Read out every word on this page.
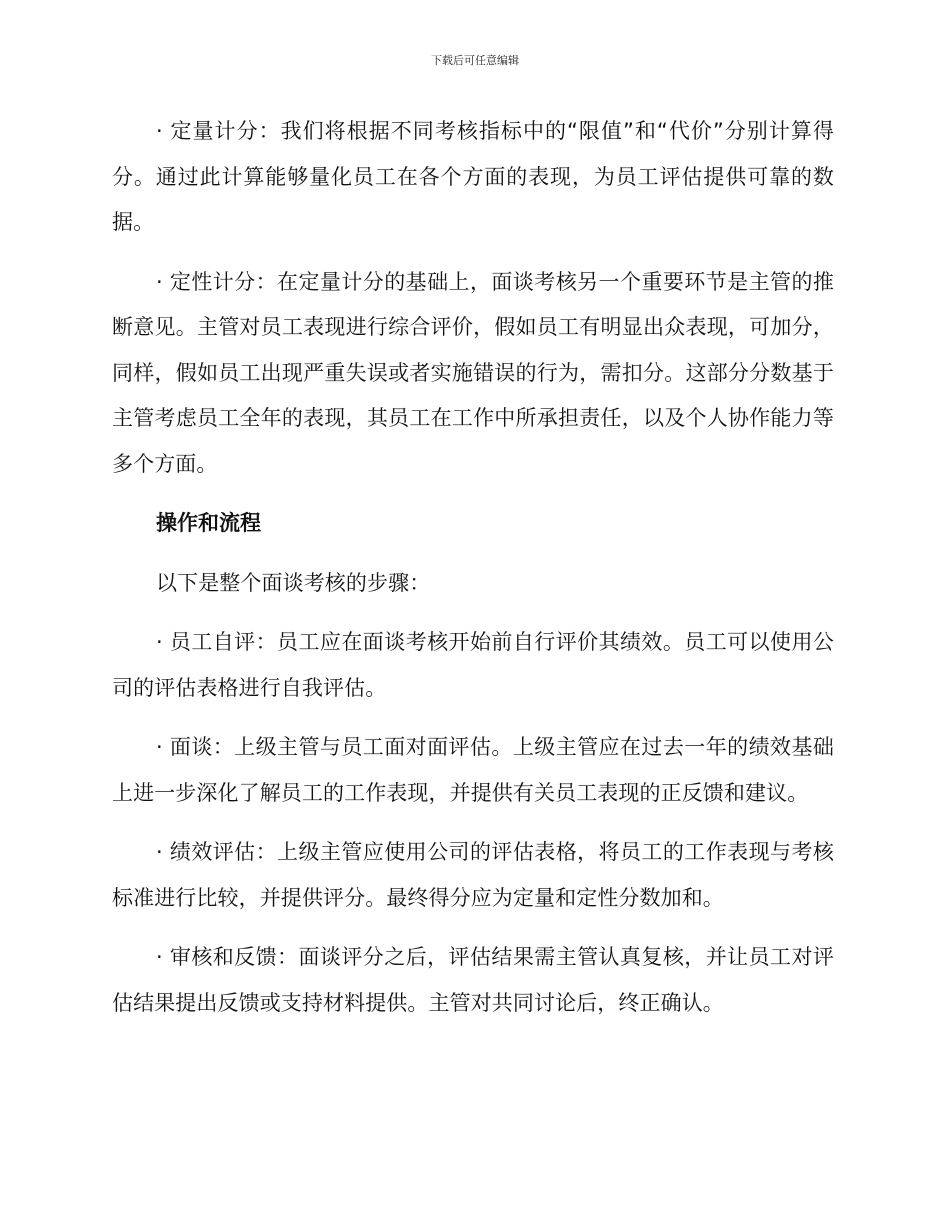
下载后可任意编辑

· 定量计分：我们将根据不同考核指标中的“限值”和“代价”分别计算得分。通过此计算能够量化员工在各个方面的表现，为员工评估提供可靠的数据。

· 定性计分：在定量计分的基础上，面谈考核另一个重要环节是主管的推断意见。主管对员工表现进行综合评价，假如员工有明显出众表现，可加分，同样，假如员工出现严重失误或者实施错误的行为，需扣分。这部分分数基于主管考虑员工全年的表现，其员工在工作中所承担责任，以及个人协作能力等多个方面。

操作和流程

以下是整个面谈考核的步骤：

· 员工自评：员工应在面谈考核开始前自行评价其绩效。员工可以使用公司的评估表格进行自我评估。

· 面谈：上级主管与员工面对面评估。上级主管应在过去一年的绩效基础上进一步深化了解员工的工作表现，并提供有关员工表现的正反馈和建议。

· 绩效评估：上级主管应使用公司的评估表格，将员工的工作表现与考核标准进行比较，并提供评分。最终得分应为定量和定性分数加和。

· 审核和反馈：面谈评分之后，评估结果需主管认真复核，并让员工对评估结果提出反馈或支持材料提供。主管对共同讨论后，终正确认。
